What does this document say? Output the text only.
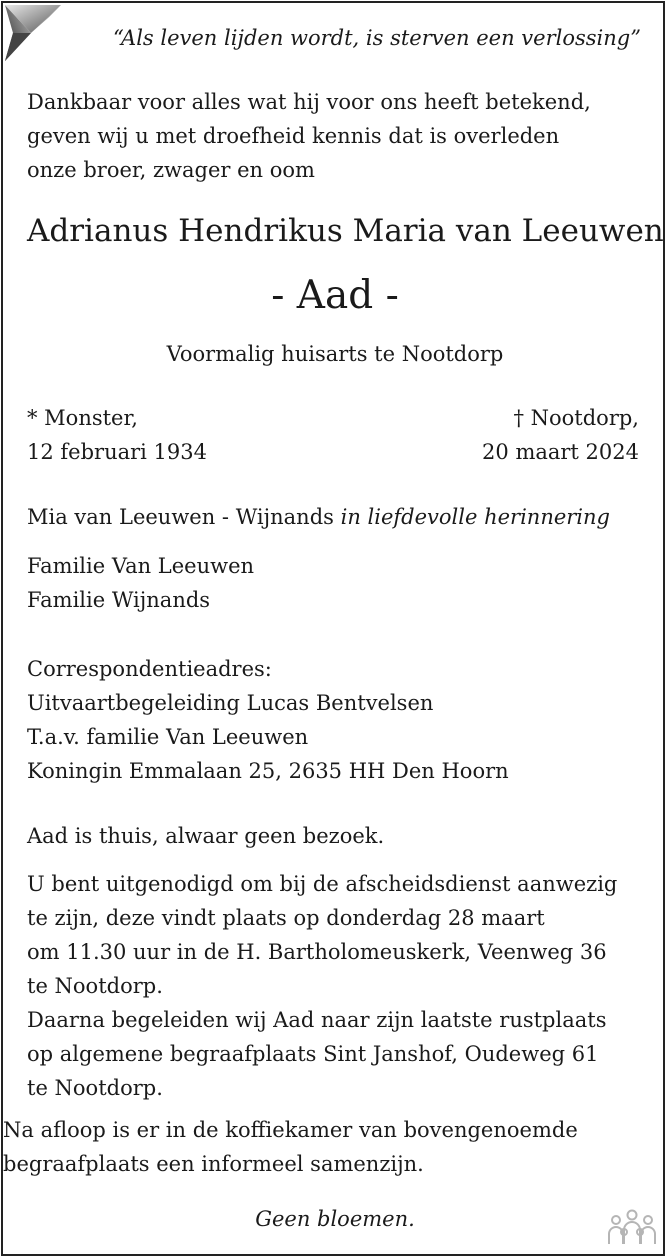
“Als leven lijden wordt, is sterven een verlossing”

Dankbaar voor alles wat hij voor ons heeft betekend,
geven wij u met droefheid kennis dat is overleden
onze broer, zwager en oom

Adrianus Hendrikus Maria van Leeuwen

- Aad -

Voormalig huisarts te Nootdorp

* Monster,
12 februari 1934

† Nootdorp,
20 maart 2024

Mia van Leeuwen - Wijnands in liefdevolle herinnering

Familie Van Leeuwen
Familie Wijnands

Correspondentieadres:
Uitvaartbegeleiding Lucas Bentvelsen
T.a.v. familie Van Leeuwen
Koningin Emmalaan 25, 2635 HH Den Hoorn

Aad is thuis, alwaar geen bezoek.

U bent uitgenodigd om bij de afscheidsdienst aanwezig
te zijn, deze vindt plaats op donderdag 28 maart
om 11.30 uur in de H. Bartholomeuskerk, Veenweg 36
te Nootdorp.
Daarna begeleiden wij Aad naar zijn laatste rustplaats
op algemene begraafplaats Sint Janshof, Oudeweg 61
te Nootdorp.

Na afloop is er in de koffiekamer van bovengenoemde
begraafplaats een informeel samenzijn.

Geen bloemen.
